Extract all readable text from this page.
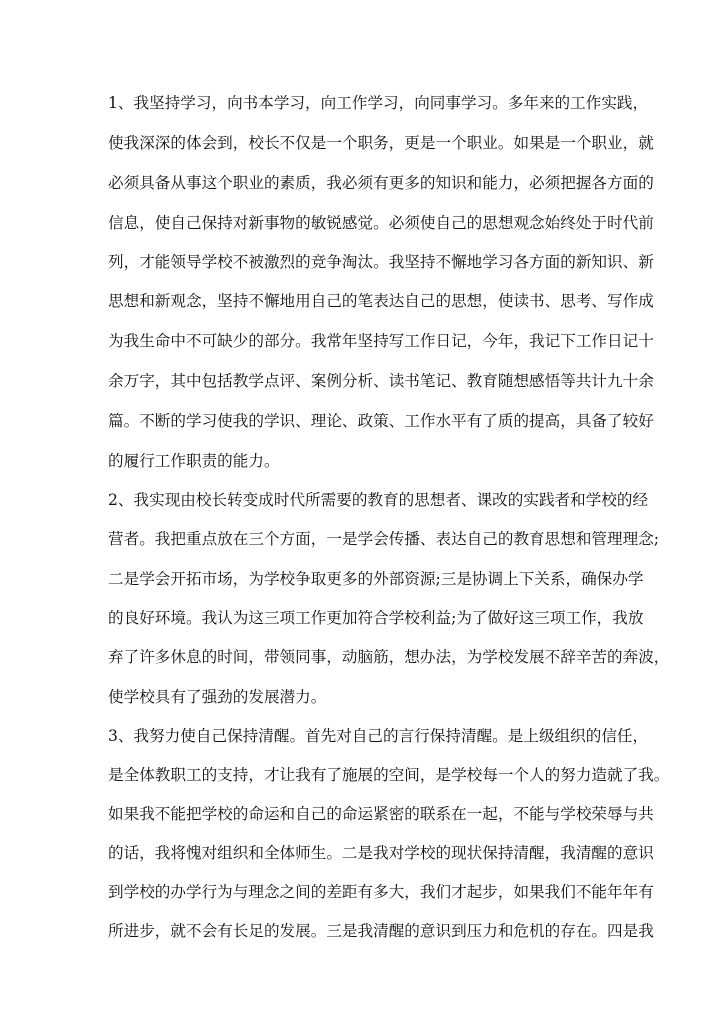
1、我坚持学习，向书本学习，向工作学习，向同事学习。多年来的工作实践，
使我深深的体会到，校长不仅是一个职务，更是一个职业。如果是一个职业，就
必须具备从事这个职业的素质，我必须有更多的知识和能力，必须把握各方面的
信息，使自己保持对新事物的敏锐感觉。必须使自己的思想观念始终处于时代前
列，才能领导学校不被激烈的竞争淘汰。我坚持不懈地学习各方面的新知识、新
思想和新观念，坚持不懈地用自己的笔表达自己的思想，使读书、思考、写作成
为我生命中不可缺少的部分。我常年坚持写工作日记，今年，我记下工作日记十
余万字，其中包括教学点评、案例分析、读书笔记、教育随想感悟等共计九十余
篇。不断的学习使我的学识、理论、政策、工作水平有了质的提高，具备了较好
的履行工作职责的能力。
2、我实现由校长转变成时代所需要的教育的思想者、课改的实践者和学校的经
营者。我把重点放在三个方面，一是学会传播、表达自己的教育思想和管理理念;
二是学会开拓市场，为学校争取更多的外部资源;三是协调上下关系，确保办学
的良好环境。我认为这三项工作更加符合学校利益;为了做好这三项工作，我放
弃了许多休息的时间，带领同事，动脑筋，想办法，为学校发展不辞辛苦的奔波，
使学校具有了强劲的发展潜力。
3、我努力使自己保持清醒。首先对自己的言行保持清醒。是上级组织的信任，
是全体教职工的支持，才让我有了施展的空间，是学校每一个人的努力造就了我。
如果我不能把学校的命运和自己的命运紧密的联系在一起，不能与学校荣辱与共
的话，我将愧对组织和全体师生。二是我对学校的现状保持清醒，我清醒的意识
到学校的办学行为与理念之间的差距有多大，我们才起步，如果我们不能年年有
所进步，就不会有长足的发展。三是我清醒的意识到压力和危机的存在。四是我
